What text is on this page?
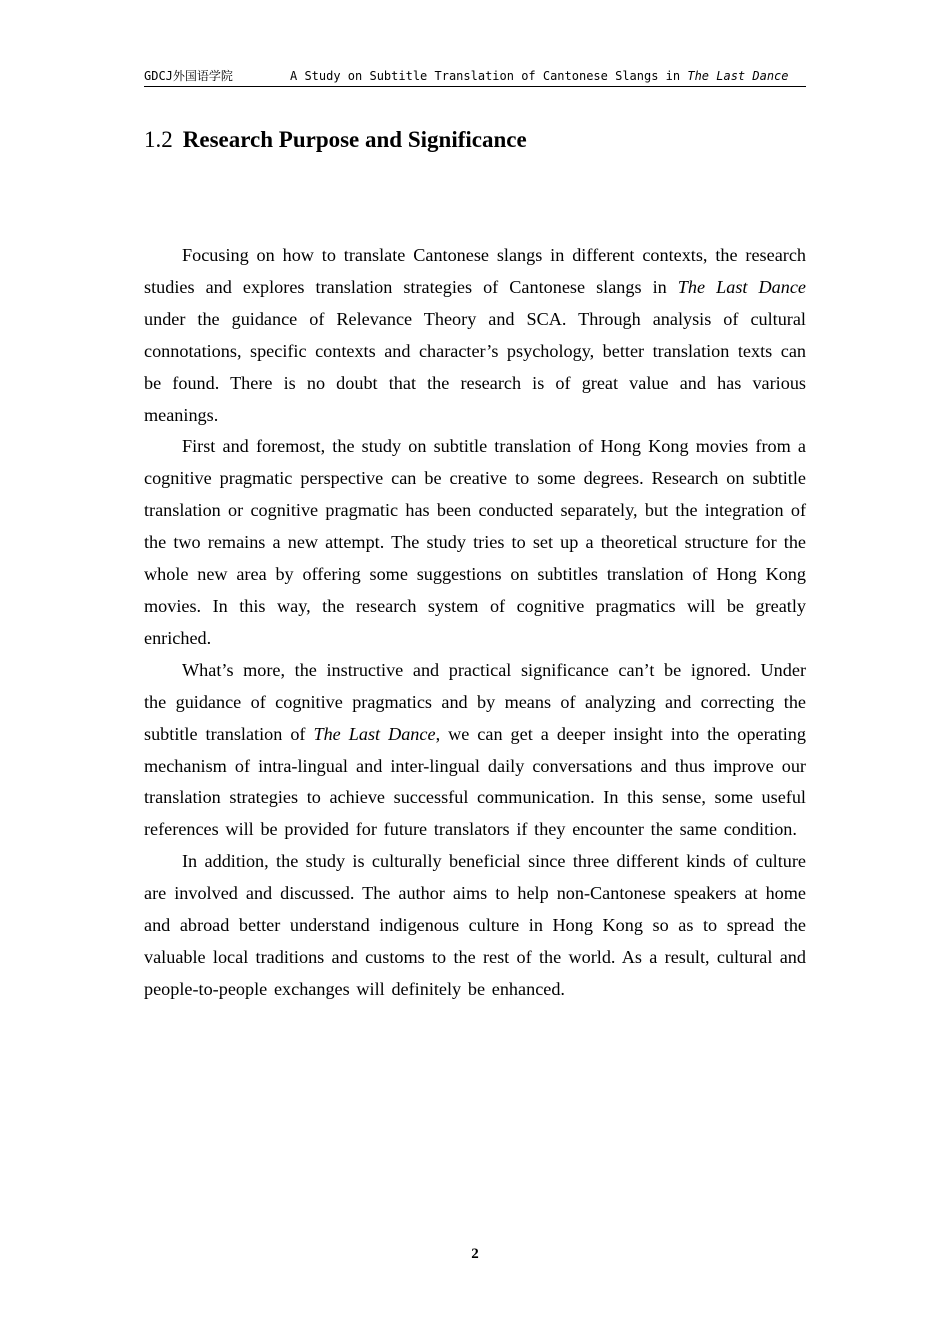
GDCJ外国语学院	A Study on Subtitle Translation of Cantonese Slangs in The Last Dance
1.2 Research Purpose and Significance

Focusing on how to translate Cantonese slangs in different contexts, the research studies and explores translation strategies of Cantonese slangs in The Last Dance under the guidance of Relevance Theory and SCA. Through analysis of cultural connotations, specific contexts and character’s psychology, better translation texts can be found. There is no doubt that the research is of great value and has various meanings.

First and foremost, the study on subtitle translation of Hong Kong movies from a cognitive pragmatic perspective can be creative to some degrees. Research on subtitle translation or cognitive pragmatic has been conducted separately, but the integration of the two remains a new attempt. The study tries to set up a theoretical structure for the whole new area by offering some suggestions on subtitles translation of Hong Kong movies. In this way, the research system of cognitive pragmatics will be greatly enriched.

What’s more, the instructive and practical significance can’t be ignored. Under the guidance of cognitive pragmatics and by means of analyzing and correcting the subtitle translation of The Last Dance, we can get a deeper insight into the operating mechanism of intra-lingual and inter-lingual daily conversations and thus improve our translation strategies to achieve successful communication. In this sense, some useful references will be provided for future translators if they encounter the same condition.

In addition, the study is culturally beneficial since three different kinds of culture are involved and discussed. The author aims to help non-Cantonese speakers at home and abroad better understand indigenous culture in Hong Kong so as to spread the valuable local traditions and customs to the rest of the world. As a result, cultural and people-to-people exchanges will definitely be enhanced.

2
